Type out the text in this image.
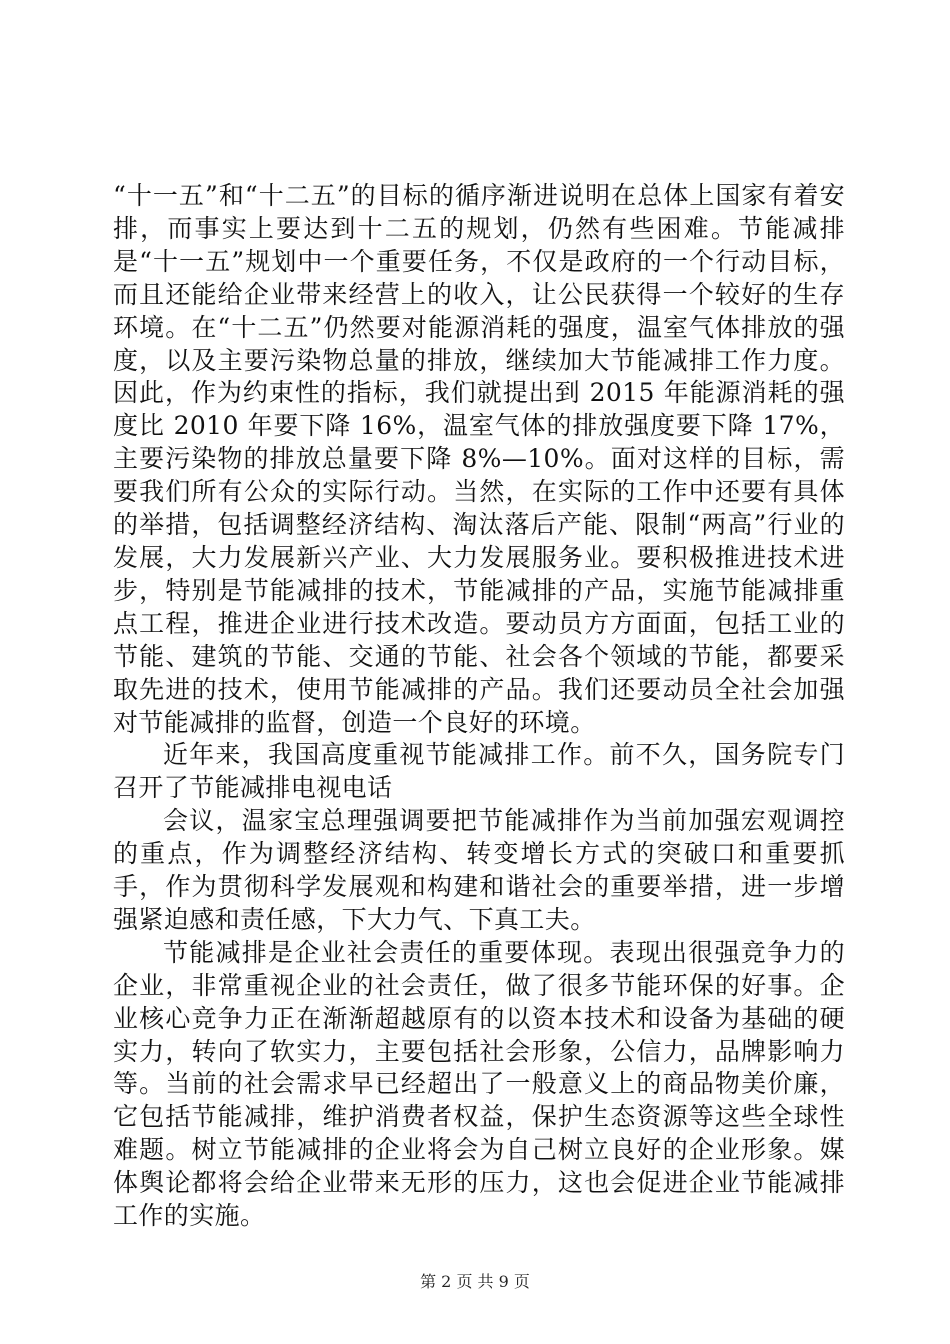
“十一五”和“十二五”的目标的循序渐进说明在总体上国家有着安排，而事实上要达到十二五的规划，仍然有些困难。节能减排是“十一五”规划中一个重要任务，不仅是政府的一个行动目标，而且还能给企业带来经营上的收入，让公民获得一个较好的生存环境。在“十二五”仍然要对能源消耗的强度，温室气体排放的强度，以及主要污染物总量的排放，继续加大节能减排工作力度。因此，作为约束性的指标，我们就提出到 2015 年能源消耗的强度比 2010 年要下降 16%，温室气体的排放强度要下降 17%，主要污染物的排放总量要下降 8%—10%。面对这样的目标，需要我们所有公众的实际行动。当然，在实际的工作中还要有具体的举措，包括调整经济结构、淘汰落后产能、限制“两高”行业的发展，大力发展新兴产业、大力发展服务业。要积极推进技术进步，特别是节能减排的技术，节能减排的产品，实施节能减排重点工程，推进企业进行技术改造。要动员方方面面，包括工业的节能、建筑的节能、交通的节能、社会各个领域的节能，都要采取先进的技术，使用节能减排的产品。我们还要动员全社会加强对节能减排的监督，创造一个良好的环境。

近年来，我国高度重视节能减排工作。前不久，国务院专门召开了节能减排电视电话

会议，温家宝总理强调要把节能减排作为当前加强宏观调控的重点，作为调整经济结构、转变增长方式的突破口和重要抓手，作为贯彻科学发展观和构建和谐社会的重要举措，进一步增强紧迫感和责任感，下大力气、下真工夫。

节能减排是企业社会责任的重要体现。表现出很强竞争力的企业，非常重视企业的社会责任，做了很多节能环保的好事。企业核心竞争力正在渐渐超越原有的以资本技术和设备为基础的硬实力，转向了软实力，主要包括社会形象，公信力，品牌影响力等。当前的社会需求早已经超出了一般意义上的商品物美价廉，它包括节能减排，维护消费者权益，保护生态资源等这些全球性难题。树立节能减排的企业将会为自己树立良好的企业形象。媒体舆论都将会给企业带来无形的压力，这也会促进企业节能减排工作的实施。

第 2 页 共 9 页
